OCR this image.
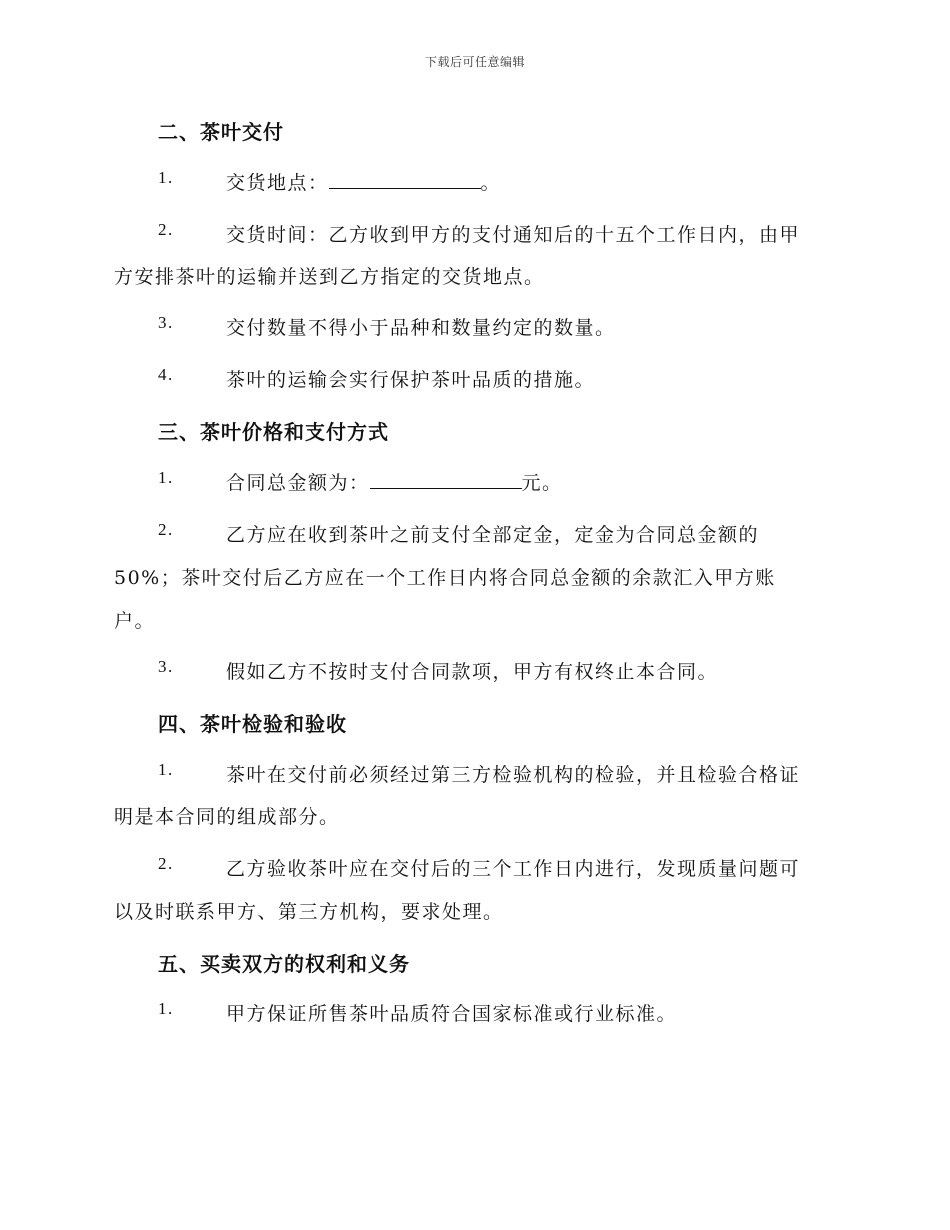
下载后可任意编辑
二、茶叶交付
1.	交货地点：	。
2.	交货时间：乙方收到甲方的支付通知后的十五个工作日内，由甲
方安排茶叶的运输并送到乙方指定的交货地点。
3.	交付数量不得小于品种和数量约定的数量。
4.	茶叶的运输会实行保护茶叶品质的措施。
三、茶叶价格和支付方式
1.	合同总金额为：	元。
2.	乙方应在收到茶叶之前支付全部定金，定金为合同总金额的
50%；茶叶交付后乙方应在一个工作日内将合同总金额的余款汇入甲方账
户。
3.	假如乙方不按时支付合同款项，甲方有权终止本合同。
四、茶叶检验和验收
1.	茶叶在交付前必须经过第三方检验机构的检验，并且检验合格证
明是本合同的组成部分。
2.	乙方验收茶叶应在交付后的三个工作日内进行，发现质量问题可
以及时联系甲方、第三方机构，要求处理。
五、买卖双方的权利和义务
1.	甲方保证所售茶叶品质符合国家标准或行业标准。
